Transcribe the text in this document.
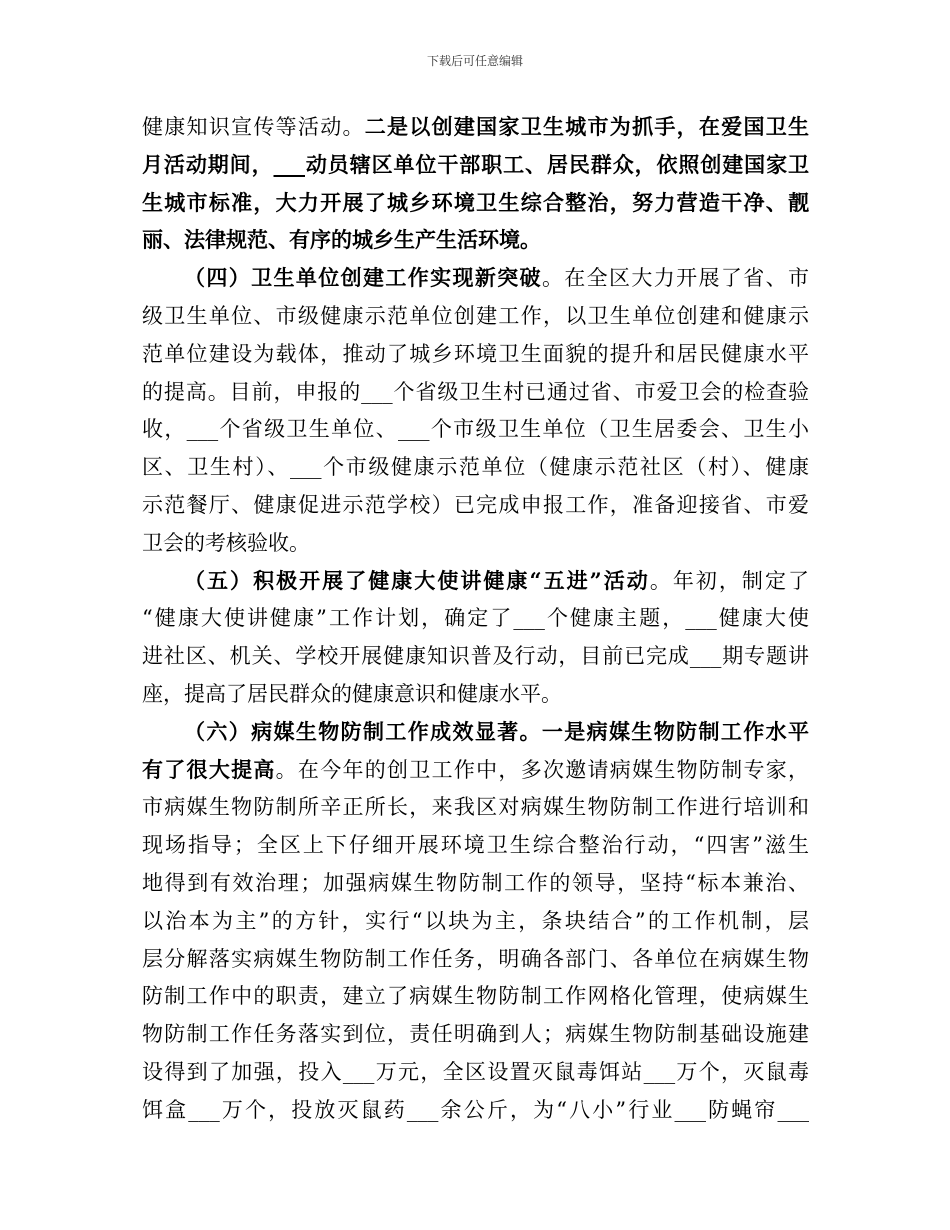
下载后可任意编辑
健康知识宣传等活动。二是以创建国家卫生城市为抓手，在爱国卫生
月活动期间，___动员辖区单位干部职工、居民群众，依照创建国家卫
生城市标准，大力开展了城乡环境卫生综合整治，努力营造干净、靓
丽、法律规范、有序的城乡生产生活环境。
（四）卫生单位创建工作实现新突破。在全区大力开展了省、市
级卫生单位、市级健康示范单位创建工作，以卫生单位创建和健康示
范单位建设为载体，推动了城乡环境卫生面貌的提升和居民健康水平
的提高。目前，申报的___个省级卫生村已通过省、市爱卫会的检查验
收，___个省级卫生单位、___个市级卫生单位（卫生居委会、卫生小
区、卫生村）、___个市级健康示范单位（健康示范社区（村）、健康
示范餐厅、健康促进示范学校）已完成申报工作，准备迎接省、市爱
卫会的考核验收。
（五）积极开展了健康大使讲健康“五进”活动。年初，制定了
“健康大使讲健康”工作计划，确定了___个健康主题，___健康大使
进社区、机关、学校开展健康知识普及行动，目前已完成___期专题讲
座，提高了居民群众的健康意识和健康水平。
（六）病媒生物防制工作成效显著。一是病媒生物防制工作水平
有了很大提高。在今年的创卫工作中，多次邀请病媒生物防制专家，
市病媒生物防制所辛正所长，来我区对病媒生物防制工作进行培训和
现场指导；全区上下仔细开展环境卫生综合整治行动，“四害”滋生
地得到有效治理；加强病媒生物防制工作的领导，坚持“标本兼治、
以治本为主”的方针，实行“以块为主，条块结合”的工作机制，层
层分解落实病媒生物防制工作任务，明确各部门、各单位在病媒生物
防制工作中的职责，建立了病媒生物防制工作网格化管理，使病媒生
物防制工作任务落实到位，责任明确到人；病媒生物防制基础设施建
设得到了加强，投入___万元，全区设置灭鼠毒饵站___万个，灭鼠毒
饵盒___万个，投放灭鼠药___余公斤，为“八小”行业___防蝇帘___
